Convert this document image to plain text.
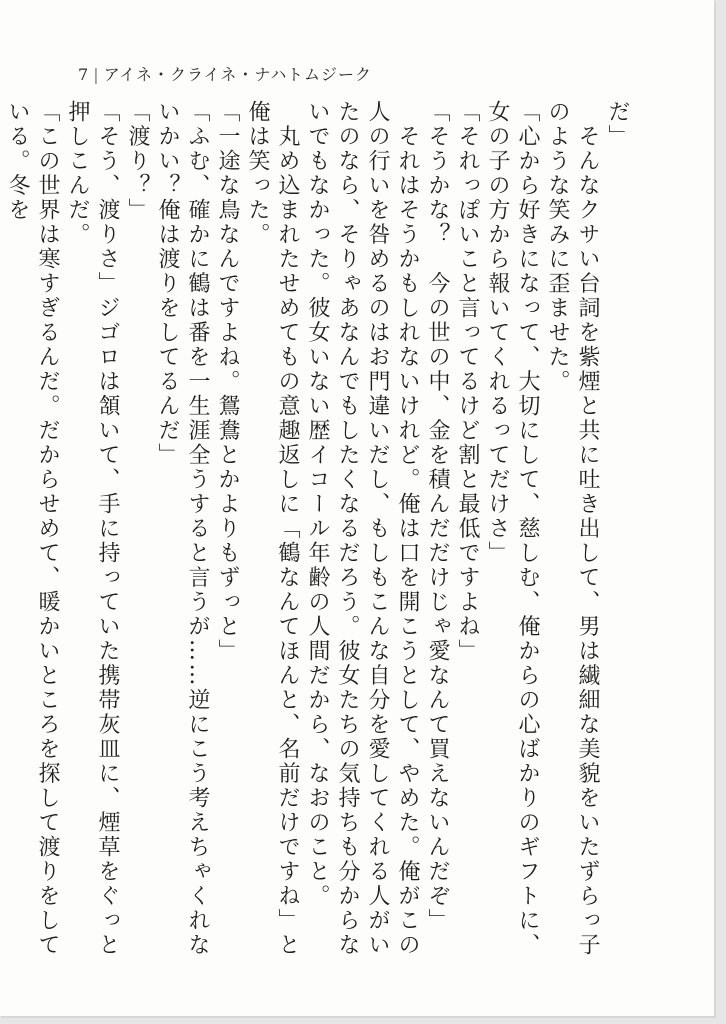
7 | アイネ・クライネ・ナハトムジーク
だ」
　そんなクサい台詞を紫煙と共に吐き出して、男は繊細な美貌をいたずらっ子のような笑みに歪ませた。
「心から好きになって、大切にして、慈しむ、俺からの心ばかりのギフトに、女の子の方から報いてくれるってだけさ」
「それっぽいこと言ってるけど割と最低ですよね」
「そうかな？　今の世の中、金を積んだだけじゃ愛なんて買えないんだぞ」
　それはそうかもしれないけれど。俺は口を開こうとして、やめた。俺がこの人の行いを咎めるのはお門違いだし、もしもこんな自分を愛してくれる人がいたのなら、そりゃあなんでもしたくなるだろう。彼女たちの気持ちも分からないでもなかった。彼女いない歴イコール年齢の人間だから、なおのこと。
　丸め込まれたせめてもの意趣返しに「鶴なんてほんと、名前だけですね」と俺は笑った。
「一途な鳥なんですよね。鴛鴦とかよりもずっと」
「ふむ、確かに鶴は番を一生涯全うすると言うが……逆にこう考えちゃくれないかい？俺は渡りをしてるんだ」
「渡り？」
「そう、渡りさ」ジゴロは頷いて、手に持っていた携帯灰皿に、煙草をぐっと押しこんだ。
「この世界は寒すぎるんだ。だからせめて、暖かいところを探して渡りをしている。冬を
